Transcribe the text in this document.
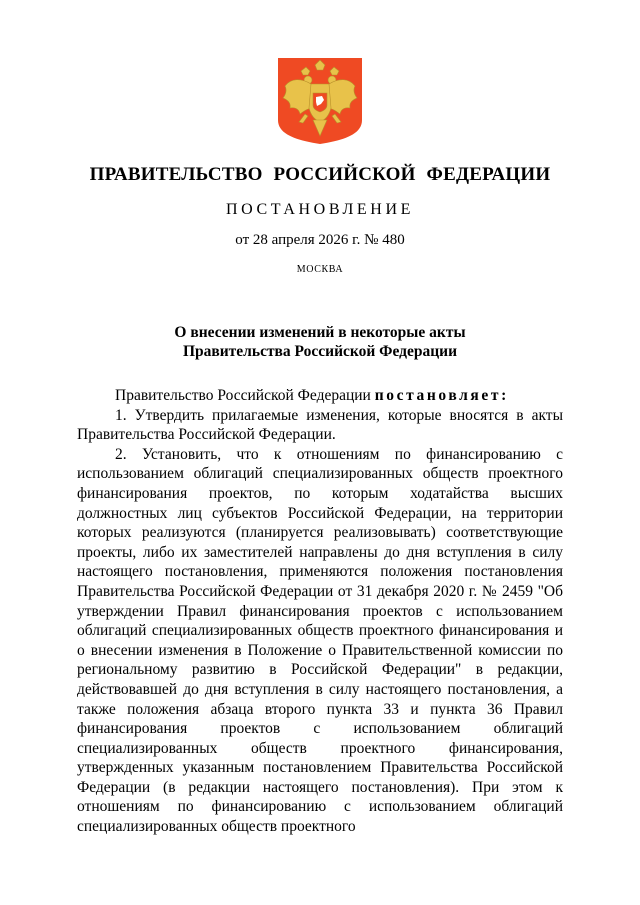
ПРАВИТЕЛЬСТВО РОССИЙСКОЙ ФЕДЕРАЦИИ
ПОСТАНОВЛЕНИЕ
от 28 апреля 2026 г. № 480
МОСКВА
О внесении изменений в некоторые акты
Правительства Российской Федерации

Правительство Российской Федерации постановляет:

1. Утвердить прилагаемые изменения, которые вносятся в акты Правительства Российской Федерации.

2. Установить, что к отношениям по финансированию с использованием облигаций специализированных обществ проектного финансирования проектов, по которым ходатайства высших должностных лиц субъектов Российской Федерации, на территории которых реализуются (планируется реализовывать) соответствующие проекты, либо их заместителей направлены до дня вступления в силу настоящего постановления, применяются положения постановления Правительства Российской Федерации от 31 декабря 2020 г. № 2459 "Об утверждении Правил финансирования проектов с использованием облигаций специализированных обществ проектного финансирования и о внесении изменения в Положение о Правительственной комиссии по региональному развитию в Российской Федерации" в редакции, действовавшей до дня вступления в силу настоящего постановления, а также положения абзаца второго пункта 33 и пункта 36 Правил финансирования проектов с использованием облигаций специализированных обществ проектного финансирования, утвержденных указанным постановлением Правительства Российской Федерации (в редакции настоящего постановления). При этом к отношениям по финансированию с использованием облигаций специализированных обществ проектного
